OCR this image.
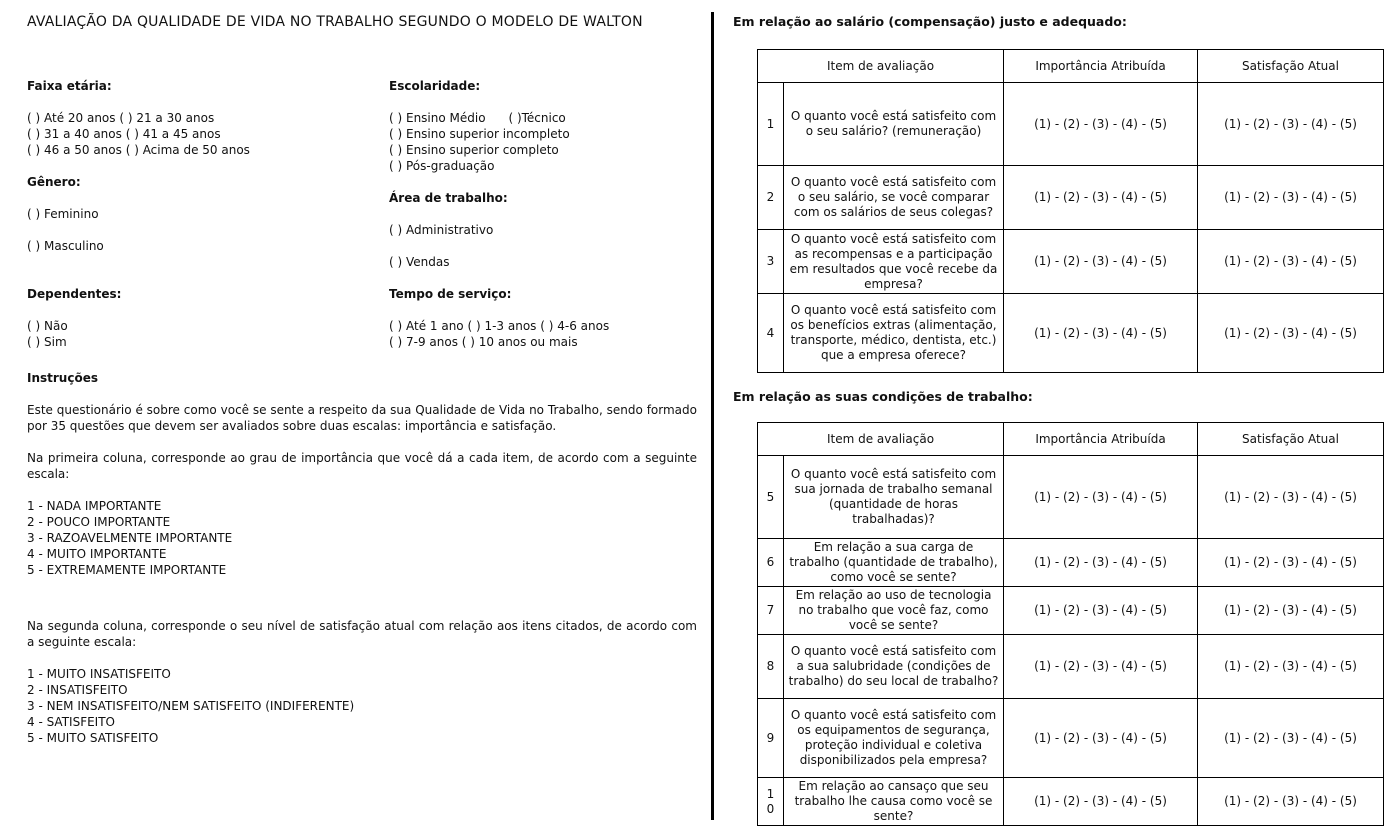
AVALIAÇÃO DA QUALIDADE DE VIDA NO TRABALHO SEGUNDO O MODELO DE WALTON
Faixa etária:
( ) Até 20 anos ( ) 21 a 30 anos
( ) 31 a 40 anos ( ) 41 a 45 anos
( ) 46 a 50 anos ( ) Acima de 50 anos
Gênero:
( ) Feminino
( ) Masculino
Dependentes:
( ) Não
( ) Sim
Escolaridade:
( ) Ensino Médio      ( )Técnico
( ) Ensino superior incompleto
( ) Ensino superior completo
( ) Pós-graduação
Área de trabalho:
( ) Administrativo
( ) Vendas
Tempo de serviço:
( ) Até 1 ano ( ) 1-3 anos ( ) 4-6 anos
( ) 7-9 anos ( ) 10 anos ou mais
Instruções
Este questionário é sobre como você se sente a respeito da sua Qualidade de Vida no Trabalho, sendo formado por 35 questões que devem ser avaliados sobre duas escalas: importância e satisfação.
Na primeira coluna, corresponde ao grau de importância que você dá a cada item, de acordo com a seguinte escala:
1 - NADA IMPORTANTE
2 - POUCO IMPORTANTE
3 - RAZOAVELMENTE IMPORTANTE
4 - MUITO IMPORTANTE
5 - EXTREMAMENTE IMPORTANTE
Na segunda coluna, corresponde o seu nível de satisfação atual com relação aos itens citados, de acordo com a seguinte escala:
1 - MUITO INSATISFEITO
2 - INSATISFEITO
3 - NEM INSATISFEITO/NEM SATISFEITO (INDIFERENTE)
4 - SATISFEITO
5 - MUITO SATISFEITO
Em relação ao salário (compensação) justo e adequado:
Item de avaliação		Importância Atribuída	Satisfação Atual
1	O quanto você está satisfeito com o seu salário? (remuneração)	(1) - (2) - (3) - (4) - (5)	(1) - (2) - (3) - (4) - (5)
2	O quanto você está satisfeito com o seu salário, se você comparar com os salários de seus colegas?	(1) - (2) - (3) - (4) - (5)	(1) - (2) - (3) - (4) - (5)
3	O quanto você está satisfeito com as recompensas e a participação em resultados que você recebe da empresa?	(1) - (2) - (3) - (4) - (5)	(1) - (2) - (3) - (4) - (5)
4	O quanto você está satisfeito com os benefícios extras (alimentação, transporte, médico, dentista, etc.) que a empresa oferece?	(1) - (2) - (3) - (4) - (5)	(1) - (2) - (3) - (4) - (5)
Em relação as suas condições de trabalho:
Item de avaliação		Importância Atribuída	Satisfação Atual
5	O quanto você está satisfeito com sua jornada de trabalho semanal (quantidade de horas trabalhadas)?	(1) - (2) - (3) - (4) - (5)	(1) - (2) - (3) - (4) - (5)
6	Em relação a sua carga de trabalho (quantidade de trabalho), como você se sente?	(1) - (2) - (3) - (4) - (5)	(1) - (2) - (3) - (4) - (5)
7	Em relação ao uso de tecnologia no trabalho que você faz, como você se sente?	(1) - (2) - (3) - (4) - (5)	(1) - (2) - (3) - (4) - (5)
8	O quanto você está satisfeito com a sua salubridade (condições de trabalho) do seu local de trabalho?	(1) - (2) - (3) - (4) - (5)	(1) - (2) - (3) - (4) - (5)
9	O quanto você está satisfeito com os equipamentos de segurança, proteção individual e coletiva disponibilizados pela empresa?	(1) - (2) - (3) - (4) - (5)	(1) - (2) - (3) - (4) - (5)
10	Em relação ao cansaço que seu trabalho lhe causa como você se sente?	(1) - (2) - (3) - (4) - (5)	(1) - (2) - (3) - (4) - (5)
